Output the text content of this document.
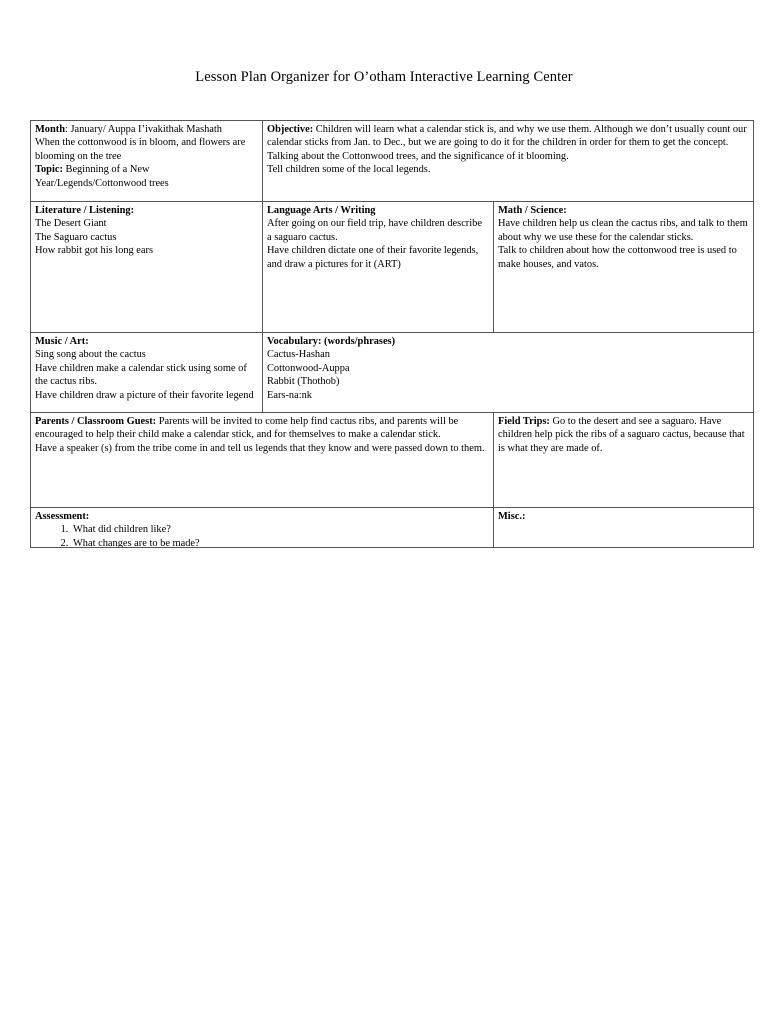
Lesson Plan Organizer for O’otham Interactive Learning Center

Month: January/ Auppa I’ivakithak Mashath

When the cottonwood is in bloom, and flowers are blooming on the tree

Topic: Beginning of a New Year/Legends/Cottonwood trees

Objective: Children will learn what a calendar stick is, and why we use them. Although we don’t usually count our calendar sticks from Jan. to Dec., but we are going to do it for the children in order for them to get the concept.

Talking about the Cottonwood trees, and the significance of it blooming.

Tell children some of the local legends.

Literature / Listening:

The Desert Giant

The Saguaro cactus

How rabbit got his long ears

Language Arts / Writing

After going on our field trip, have children describe a saguaro cactus.

Have children dictate one of their favorite legends, and draw a pictures for it (ART)

Math / Science:

Have children help us clean the cactus ribs, and talk to them about why we use these for the calendar sticks.

Talk to children about how the cottonwood tree is used to make houses, and vatos.

Music / Art:

Sing song about the cactus

Have children make a calendar stick using some of the cactus ribs.

Have children draw a picture of their favorite legend

Vocabulary: (words/phrases)

Cactus-Hashan

Cottonwood-Auppa

Rabbit (Thothob)

Ears-na:nk

Parents / Classroom Guest: Parents will be invited to come help find cactus ribs, and parents will be encouraged to help their child make a calendar stick, and for themselves to make a calendar stick.

Have a speaker (s) from the tribe come in and tell us legends that they know and were passed down to them.

Field Trips: Go to the desert and see a saguaro. Have children help pick the ribs of a saguaro cactus, because that is what they are made of.

Assessment:

1. What did children like?
2. What changes are to be made?

Misc.:
